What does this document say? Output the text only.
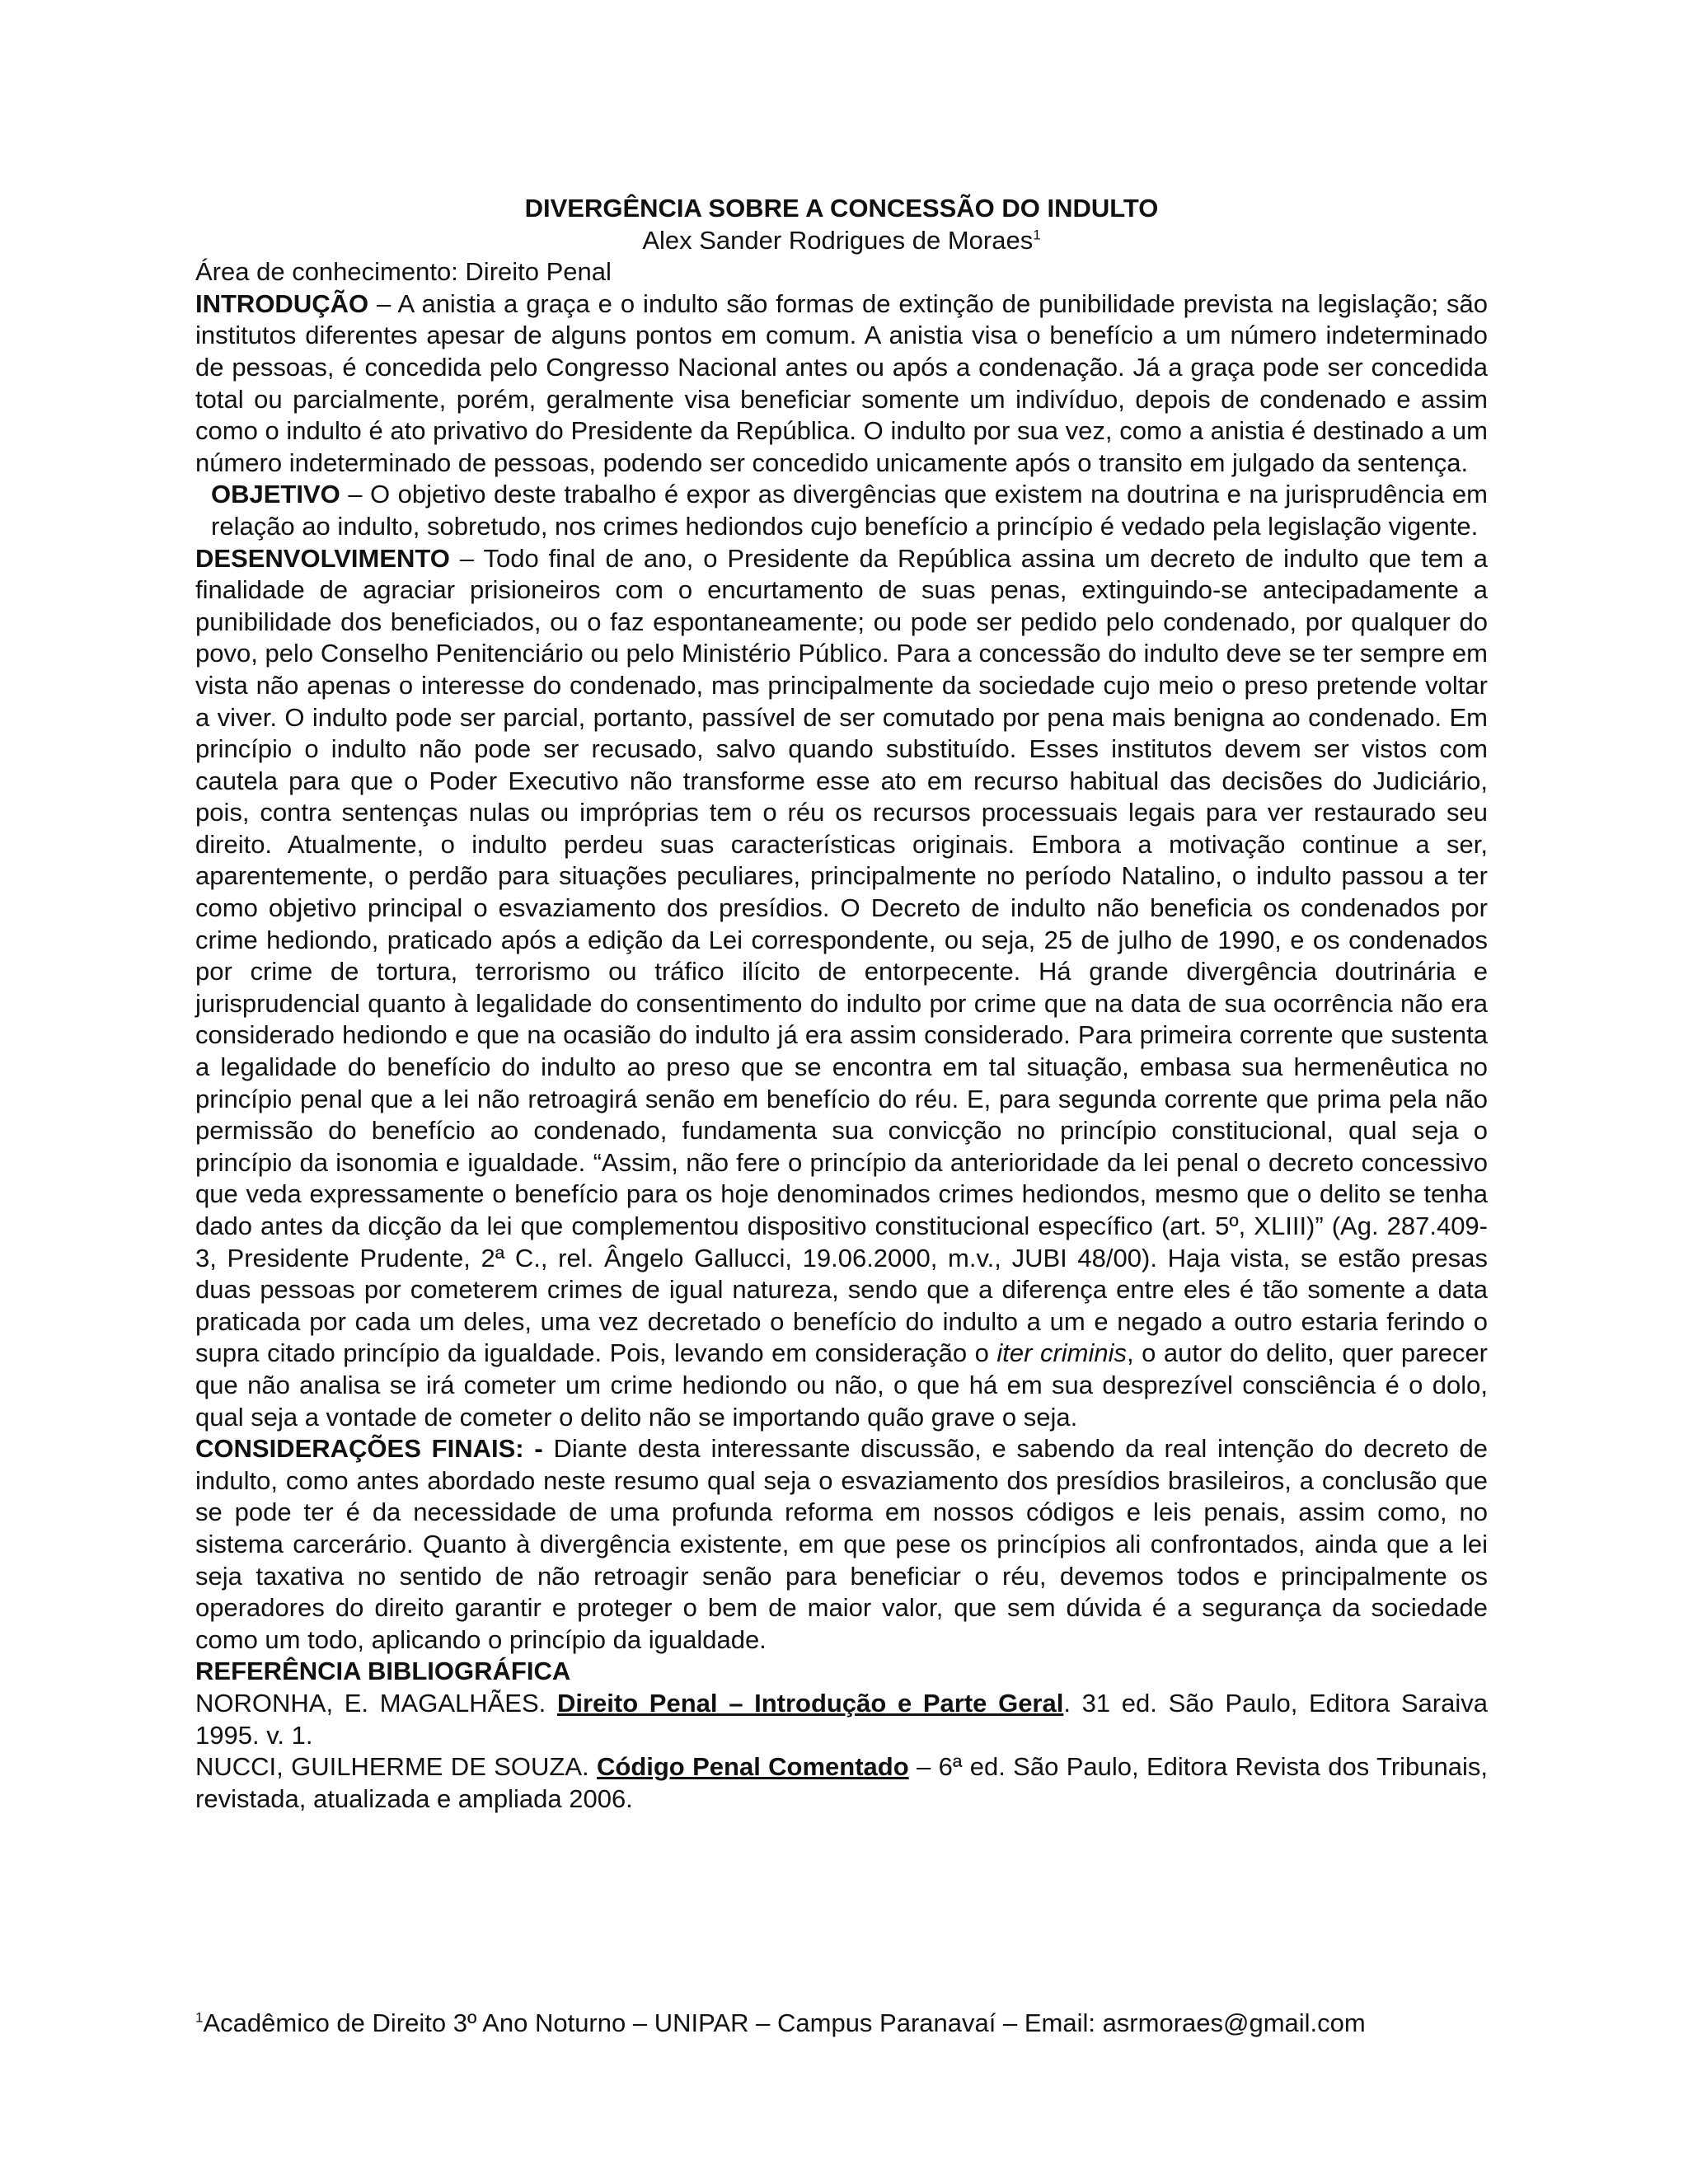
DIVERGÊNCIA SOBRE A CONCESSÃO DO INDULTO

Alex Sander Rodrigues de Moraes$^1$

Área de conhecimento: Direito Penal

INTRODUÇÃO – A anistia a graça e o indulto são formas de extinção de punibilidade prevista na legislação; são institutos diferentes apesar de alguns pontos em comum. A anistia visa o benefício a um número indeterminado de pessoas, é concedida pelo Congresso Nacional antes ou após a condenação. Já a graça pode ser concedida total ou parcialmente, porém, geralmente visa beneficiar somente um indivíduo, depois de condenado e assim como o indulto é ato privativo do Presidente da República. O indulto por sua vez, como a anistia é destinado a um número indeterminado de pessoas, podendo ser concedido unicamente após o transito em julgado da sentença.

OBJETIVO – O objetivo deste trabalho é expor as divergências que existem na doutrina e na jurisprudência em relação ao indulto, sobretudo, nos crimes hediondos cujo benefício a princípio é vedado pela legislação vigente.

DESENVOLVIMENTO – Todo final de ano, o Presidente da República assina um decreto de indulto que tem a finalidade de agraciar prisioneiros com o encurtamento de suas penas, extinguindo-se antecipadamente a punibilidade dos beneficiados, ou o faz espontaneamente; ou pode ser pedido pelo condenado, por qualquer do povo, pelo Conselho Penitenciário ou pelo Ministério Público. Para a concessão do indulto deve se ter sempre em vista não apenas o interesse do condenado, mas principalmente da sociedade cujo meio o preso pretende voltar a viver. O indulto pode ser parcial, portanto, passível de ser comutado por pena mais benigna ao condenado. Em princípio o indulto não pode ser recusado, salvo quando substituído. Esses institutos devem ser vistos com cautela para que o Poder Executivo não transforme esse ato em recurso habitual das decisões do Judiciário, pois, contra sentenças nulas ou impróprias tem o réu os recursos processuais legais para ver restaurado seu direito. Atualmente, o indulto perdeu suas características originais. Embora a motivação continue a ser, aparentemente, o perdão para situações peculiares, principalmente no período Natalino, o indulto passou a ter como objetivo principal o esvaziamento dos presídios. O Decreto de indulto não beneficia os condenados por crime hediondo, praticado após a edição da Lei correspondente, ou seja, 25 de julho de 1990, e os condenados por crime de tortura, terrorismo ou tráfico ilícito de entorpecente. Há grande divergência doutrinária e jurisprudencial quanto à legalidade do consentimento do indulto por crime que na data de sua ocorrência não era considerado hediondo e que na ocasião do indulto já era assim considerado. Para primeira corrente que sustenta a legalidade do benefício do indulto ao preso que se encontra em tal situação, embasa sua hermenêutica no princípio penal que a lei não retroagirá senão em benefício do réu. E, para segunda corrente que prima pela não permissão do benefício ao condenado, fundamenta sua convicção no princípio constitucional, qual seja o princípio da isonomia e igualdade. “Assim, não fere o princípio da anterioridade da lei penal o decreto concessivo que veda expressamente o benefício para os hoje denominados crimes hediondos, mesmo que o delito se tenha dado antes da dicção da lei que complementou dispositivo constitucional específico (art. 5º, XLIII)” (Ag. 287.409-3, Presidente Prudente, 2ª C., rel. Ângelo Gallucci, 19.06.2000, m.v., JUBI 48/00). Haja vista, se estão presas duas pessoas por cometerem crimes de igual natureza, sendo que a diferença entre eles é tão somente a data praticada por cada um deles, uma vez decretado o benefício do indulto a um e negado a outro estaria ferindo o supra citado princípio da igualdade. Pois, levando em consideração o iter criminis, o autor do delito, quer parecer que não analisa se irá cometer um crime hediondo ou não, o que há em sua desprezível consciência é o dolo, qual seja a vontade de cometer o delito não se importando quão grave o seja.

CONSIDERAÇÕES FINAIS: - Diante desta interessante discussão, e sabendo da real intenção do decreto de indulto, como antes abordado neste resumo qual seja o esvaziamento dos presídios brasileiros, a conclusão que se pode ter é da necessidade de uma profunda reforma em nossos códigos e leis penais, assim como, no sistema carcerário. Quanto à divergência existente, em que pese os princípios ali confrontados, ainda que a lei seja taxativa no sentido de não retroagir senão para beneficiar o réu, devemos todos e principalmente os operadores do direito garantir e proteger o bem de maior valor, que sem dúvida é a segurança da sociedade como um todo, aplicando o princípio da igualdade.

REFERÊNCIA BIBLIOGRÁFICA

NORONHA, E. MAGALHÃES. Direito Penal – Introdução e Parte Geral. 31 ed. São Paulo, Editora Saraiva 1995. v. 1.

NUCCI, GUILHERME DE SOUZA. Código Penal Comentado – 6ª ed. São Paulo, Editora Revista dos Tribunais, revistada, atualizada e ampliada 2006.

$^1$Acadêmico de Direito 3º Ano Noturno – UNIPAR – Campus Paranavaí – Email: asrmoraes@gmail.com
